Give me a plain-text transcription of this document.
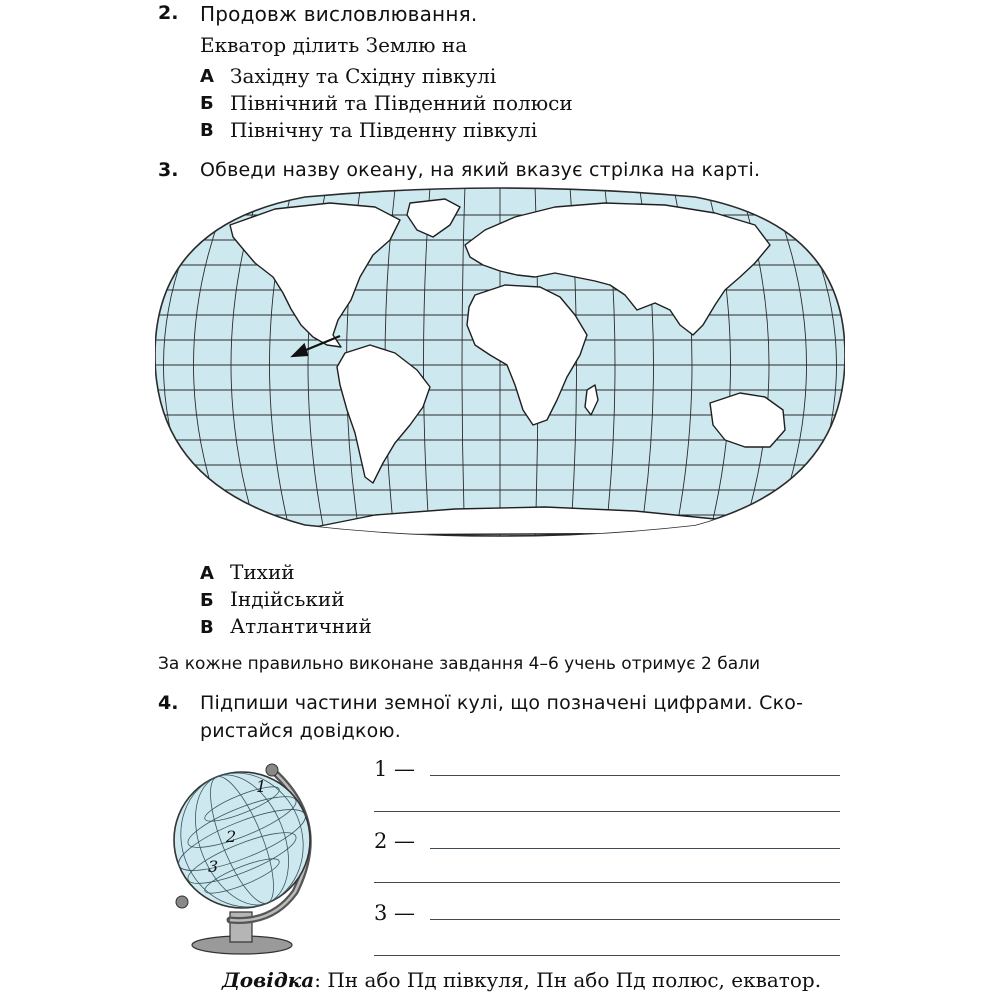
2. Продовж висловлювання.
Екватор ділить Землю на
А Західну та Східну півкулі
Б Північний та Південний полюси
В Північну та Південну півкулі
3. Обведи назву океану, на який вказує стрілка на карті.
А Тихий
Б Індійський
В Атлантичний
За кожне правильно виконане завдання 4–6 учень отримує 2 бали
4. Підпиши частини земної кулі, що позначені цифрами. Ско-
ристайся довідкою.
1
2
3
1 —
2 —
3 —
Довідка: Пн або Пд півкуля, Пн або Пд полюс, екватор.
